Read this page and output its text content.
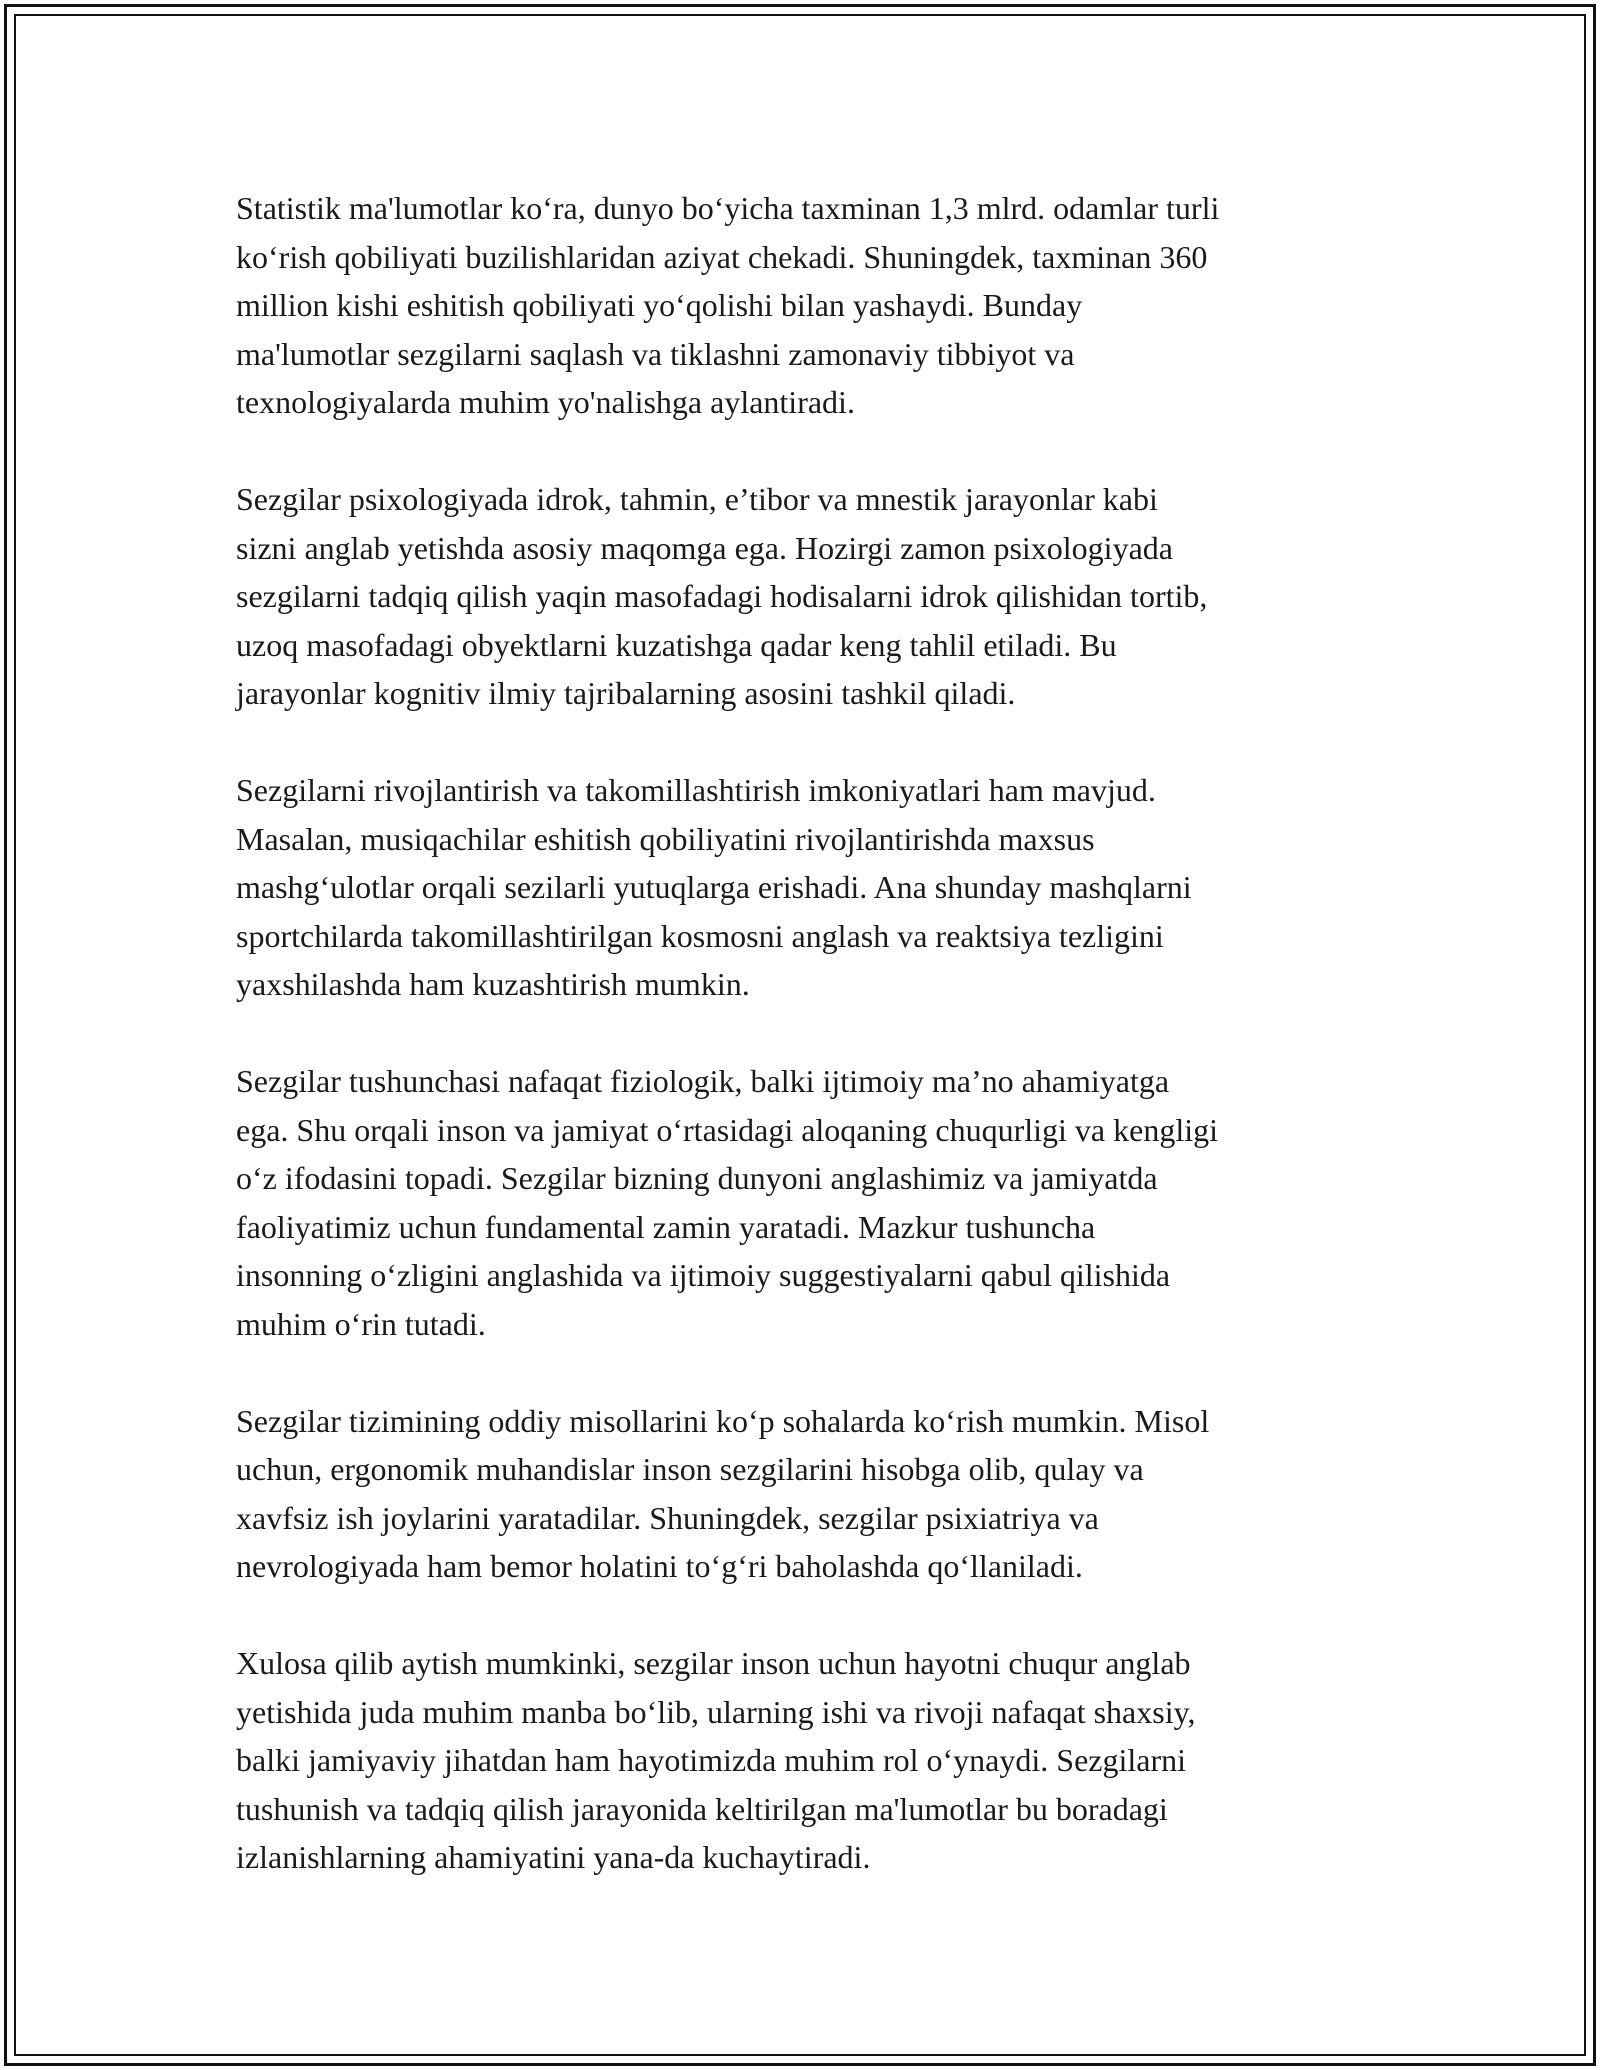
Statistik ma'lumotlar ko‘ra, dunyo bo‘yicha taxminan 1,3 mlrd. odamlar turli
ko‘rish qobiliyati buzilishlaridan aziyat chekadi. Shuningdek, taxminan 360
million kishi eshitish qobiliyati yo‘qolishi bilan yashaydi. Bunday
ma'lumotlar sezgilarni saqlash va tiklashni zamonaviy tibbiyot va
texnologiyalarda muhim yo'nalishga aylantiradi.

Sezgilar psixologiyada idrok, tahmin, e’tibor va mnestik jarayonlar kabi
sizni anglab yetishda asosiy maqomga ega. Hozirgi zamon psixologiyada
sezgilarni tadqiq qilish yaqin masofadagi hodisalarni idrok qilishidan tortib,
uzoq masofadagi obyektlarni kuzatishga qadar keng tahlil etiladi. Bu
jarayonlar kognitiv ilmiy tajribalarning asosini tashkil qiladi.

Sezgilarni rivojlantirish va takomillashtirish imkoniyatlari ham mavjud.
Masalan, musiqachilar eshitish qobiliyatini rivojlantirishda maxsus
mashg‘ulotlar orqali sezilarli yutuqlarga erishadi. Ana shunday mashqlarni
sportchilarda takomillashtirilgan kosmosni anglash va reaktsiya tezligini
yaxshilashda ham kuzashtirish mumkin.

Sezgilar tushunchasi nafaqat fiziologik, balki ijtimoiy ma’no ahamiyatga
ega. Shu orqali inson va jamiyat o‘rtasidagi aloqaning chuqurligi va kengligi
o‘z ifodasini topadi. Sezgilar bizning dunyoni anglashimiz va jamiyatda
faoliyatimiz uchun fundamental zamin yaratadi. Mazkur tushuncha
insonning o‘zligini anglashida va ijtimoiy suggestiyalarni qabul qilishida
muhim o‘rin tutadi.

Sezgilar tizimining oddiy misollarini ko‘p sohalarda ko‘rish mumkin. Misol
uchun, ergonomik muhandislar inson sezgilarini hisobga olib, qulay va
xavfsiz ish joylarini yaratadilar. Shuningdek, sezgilar psixiatriya va
nevrologiyada ham bemor holatini to‘g‘ri baholashda qo‘llaniladi.

Xulosa qilib aytish mumkinki, sezgilar inson uchun hayotni chuqur anglab
yetishida juda muhim manba bo‘lib, ularning ishi va rivoji nafaqat shaxsiy,
balki jamiyaviy jihatdan ham hayotimizda muhim rol o‘ynaydi. Sezgilarni
tushunish va tadqiq qilish jarayonida keltirilgan ma'lumotlar bu boradagi
izlanishlarning ahamiyatini yana-da kuchaytiradi.
